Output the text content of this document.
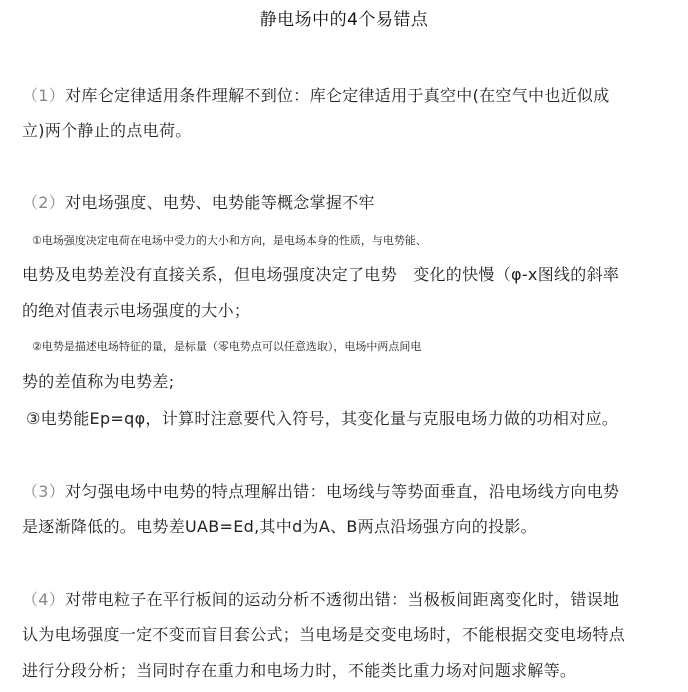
静电场中的4个易错点
（1）对库仑定律适用条件理解不到位：库仑定律适用于真空中(在空气中也近似成
立)两个静止的点电荷。
（2）对电场强度、电势、电势能等概念掌握不牢
①电场强度决定电荷在电场中受力的大小和方向，是电场本身的性质，与电势能、
电势及电势差没有直接关系，但电场强度决定了电势　变化的快慢（φ-x图线的斜率
的绝对值表示电场强度的大小；
②电势是描述电场特征的量，是标量（零电势点可以任意选取），电场中两点间电
势的差值称为电势差;
③电势能Ep=qφ，计算时注意要代入符号，其变化量与克服电场力做的功相对应。
（3）对匀强电场中电势的特点理解出错：电场线与等势面垂直，沿电场线方向电势
是逐渐降低的。电势差UAB=Ed,其中d为A、B两点沿场强方向的投影。
（4）对带电粒子在平行板间的运动分析不透彻出错：当极板间距离变化时，错误地
认为电场强度一定不变而盲目套公式；当电场是交变电场时，不能根据交变电场特点
进行分段分析；当同时存在重力和电场力时，不能类比重力场对问题求解等。
